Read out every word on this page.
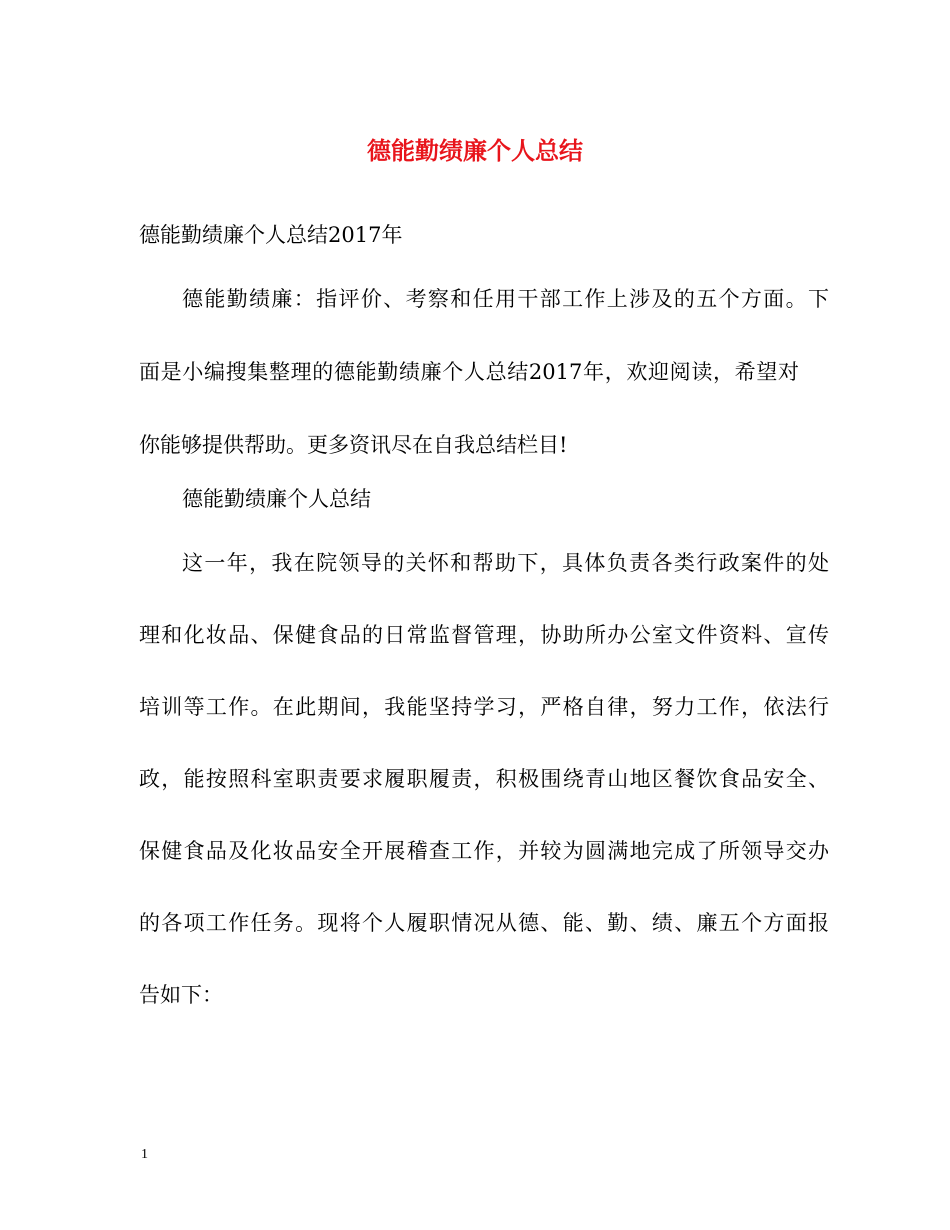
德能勤绩廉个人总结

德能勤绩廉个人总结2017年

德能勤绩廉：指评价、考察和任用干部工作上涉及的五个方面。下
面是小编搜集整理的德能勤绩廉个人总结2017年，欢迎阅读，希望对
你能够提供帮助。更多资讯尽在自我总结栏目!

德能勤绩廉个人总结

这一年，我在院领导的关怀和帮助下，具体负责各类行政案件的处
理和化妆品、保健食品的日常监督管理，协助所办公室文件资料、宣传
培训等工作。在此期间，我能坚持学习，严格自律，努力工作，依法行
政，能按照科室职责要求履职履责，积极围绕青山地区餐饮食品安全、
保健食品及化妆品安全开展稽查工作，并较为圆满地完成了所领导交办
的各项工作任务。现将个人履职情况从德、能、勤、绩、廉五个方面报
告如下：
1
